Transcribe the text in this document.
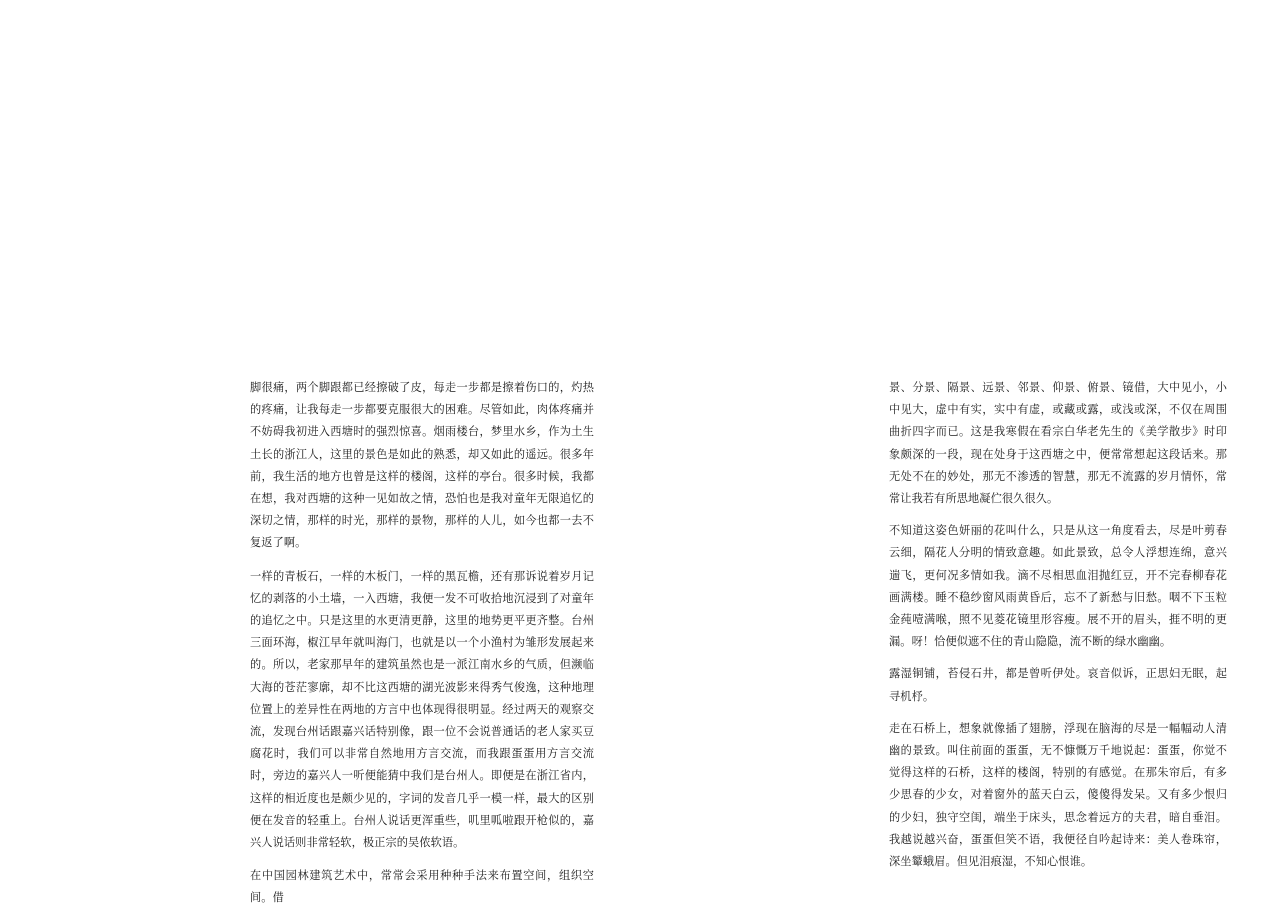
脚很痛，两个脚跟都已经擦破了皮，每走一步都是擦着伤口的，灼热的疼痛，让我每走一步都要克服很大的困难。尽管如此，肉体疼痛并不妨碍我初进入西塘时的强烈惊喜。烟雨楼台，梦里水乡，作为土生土长的浙江人，这里的景色是如此的熟悉，却又如此的遥远。很多年前，我生活的地方也曾是这样的楼阁，这样的亭台。很多时候，我都在想，我对西塘的这种一见如故之情，恐怕也是我对童年无限追忆的深切之情，那样的时光，那样的景物，那样的人儿，如今也都一去不复返了啊。

一样的青板石，一样的木板门，一样的黑瓦檐，还有那诉说着岁月记忆的剥落的小土墙，一入西塘，我便一发不可收拾地沉浸到了对童年的追忆之中。只是这里的水更清更静，这里的地势更平更齐整。台州三面环海，椒江早年就叫海门，也就是以一个小渔村为雏形发展起来的。所以，老家那早年的建筑虽然也是一派江南水乡的气质，但濒临大海的苍茫寥廓，却不比这西塘的湖光波影来得秀气俊逸，这种地理位置上的差异性在两地的方言中也体现得很明显。经过两天的观察交流，发现台州话跟嘉兴话特别像，跟一位不会说普通话的老人家买豆腐花时，我们可以非常自然地用方言交流，而我跟蛋蛋用方言交流时，旁边的嘉兴人一听便能猜中我们是台州人。即便是在浙江省内，这样的相近度也是颇少见的，字词的发音几乎一模一样，最大的区别便在发音的轻重上。台州人说话更浑重些，叽里呱啦跟开枪似的，嘉兴人说话则非常轻软，极正宗的吴侬软语。

在中国园林建筑艺术中，常常会采用种种手法来布置空间，组织空间。借

景、分景、隔景、远景、邻景、仰景、俯景、镜借，大中见小，小中见大，虚中有实，实中有虚，或藏或露，或浅或深，不仅在周围曲折四字而已。这是我寒假在看宗白华老先生的《美学散步》时印象颇深的一段，现在处身于这西塘之中，便常常想起这段话来。那无处不在的妙处，那无不渗透的智慧，那无不流露的岁月情怀，常常让我若有所思地凝伫很久很久。

不知道这姿色妍丽的花叫什么，只是从这一角度看去，尽是叶剪春云细，隔花人分明的情致意趣。如此景致，总令人浮想连绵，意兴遄飞，更何况多情如我。滴不尽相思血泪抛红豆，开不完春柳春花画满楼。睡不稳纱窗风雨黄昏后，忘不了新愁与旧愁。咽不下玉粒金莼噎满喉，照不见菱花镜里形容瘦。展不开的眉头，捱不明的更漏。呀！恰便似遮不住的青山隐隐，流不断的绿水幽幽。

露湿铜铺，苔侵石井，都是曾听伊处。哀音似诉，正思妇无眠，起寻机杼。

走在石桥上，想象就像插了翅膀，浮现在脑海的尽是一幅幅动人清幽的景致。叫住前面的蛋蛋，无不慷慨万千地说起：蛋蛋，你觉不觉得这样的石桥，这样的楼阁，特别的有感觉。在那朱帘后，有多少思春的少女，对着窗外的蓝天白云，傻傻得发呆。又有多少恨归的少妇，独守空闺，端坐于床头，思念着远方的夫君，暗自垂泪。我越说越兴奋，蛋蛋但笑不语，我便径自吟起诗来：美人卷珠帘，深坐颦蛾眉。但见泪痕湿，不知心恨谁。
